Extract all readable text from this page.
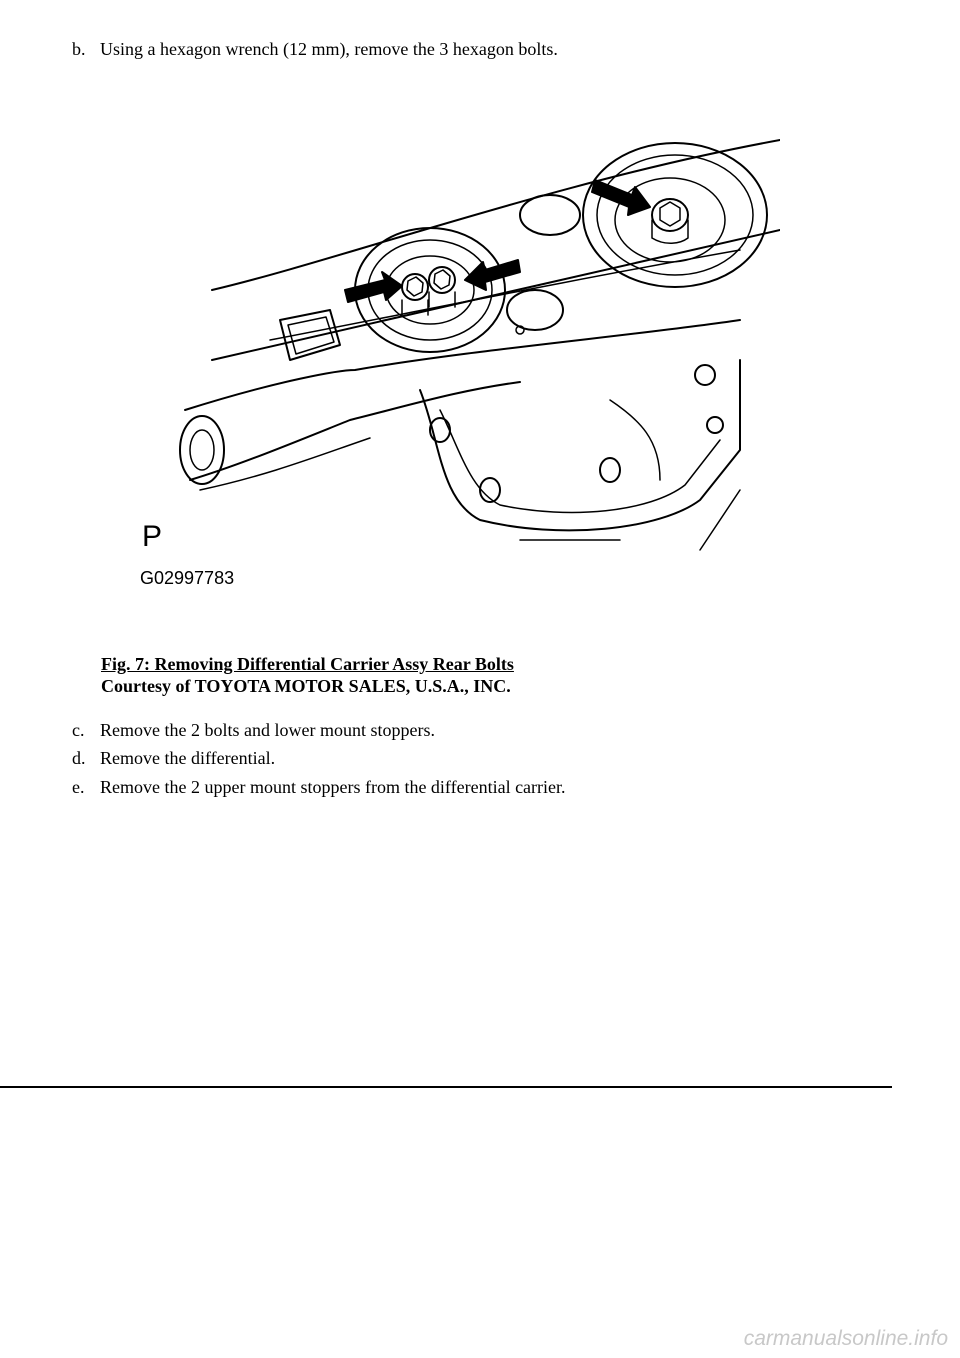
b. Using a hexagon wrench (12 mm), remove the 3 hexagon bolts.
P
G02997783
Fig. 7: Removing Differential Carrier Assy Rear Bolts
Courtesy of TOYOTA MOTOR SALES, U.S.A., INC.
c. Remove the 2 bolts and lower mount stoppers.
d. Remove the differential.
e. Remove the 2 upper mount stoppers from the differential carrier.
carmanualsonline.info
